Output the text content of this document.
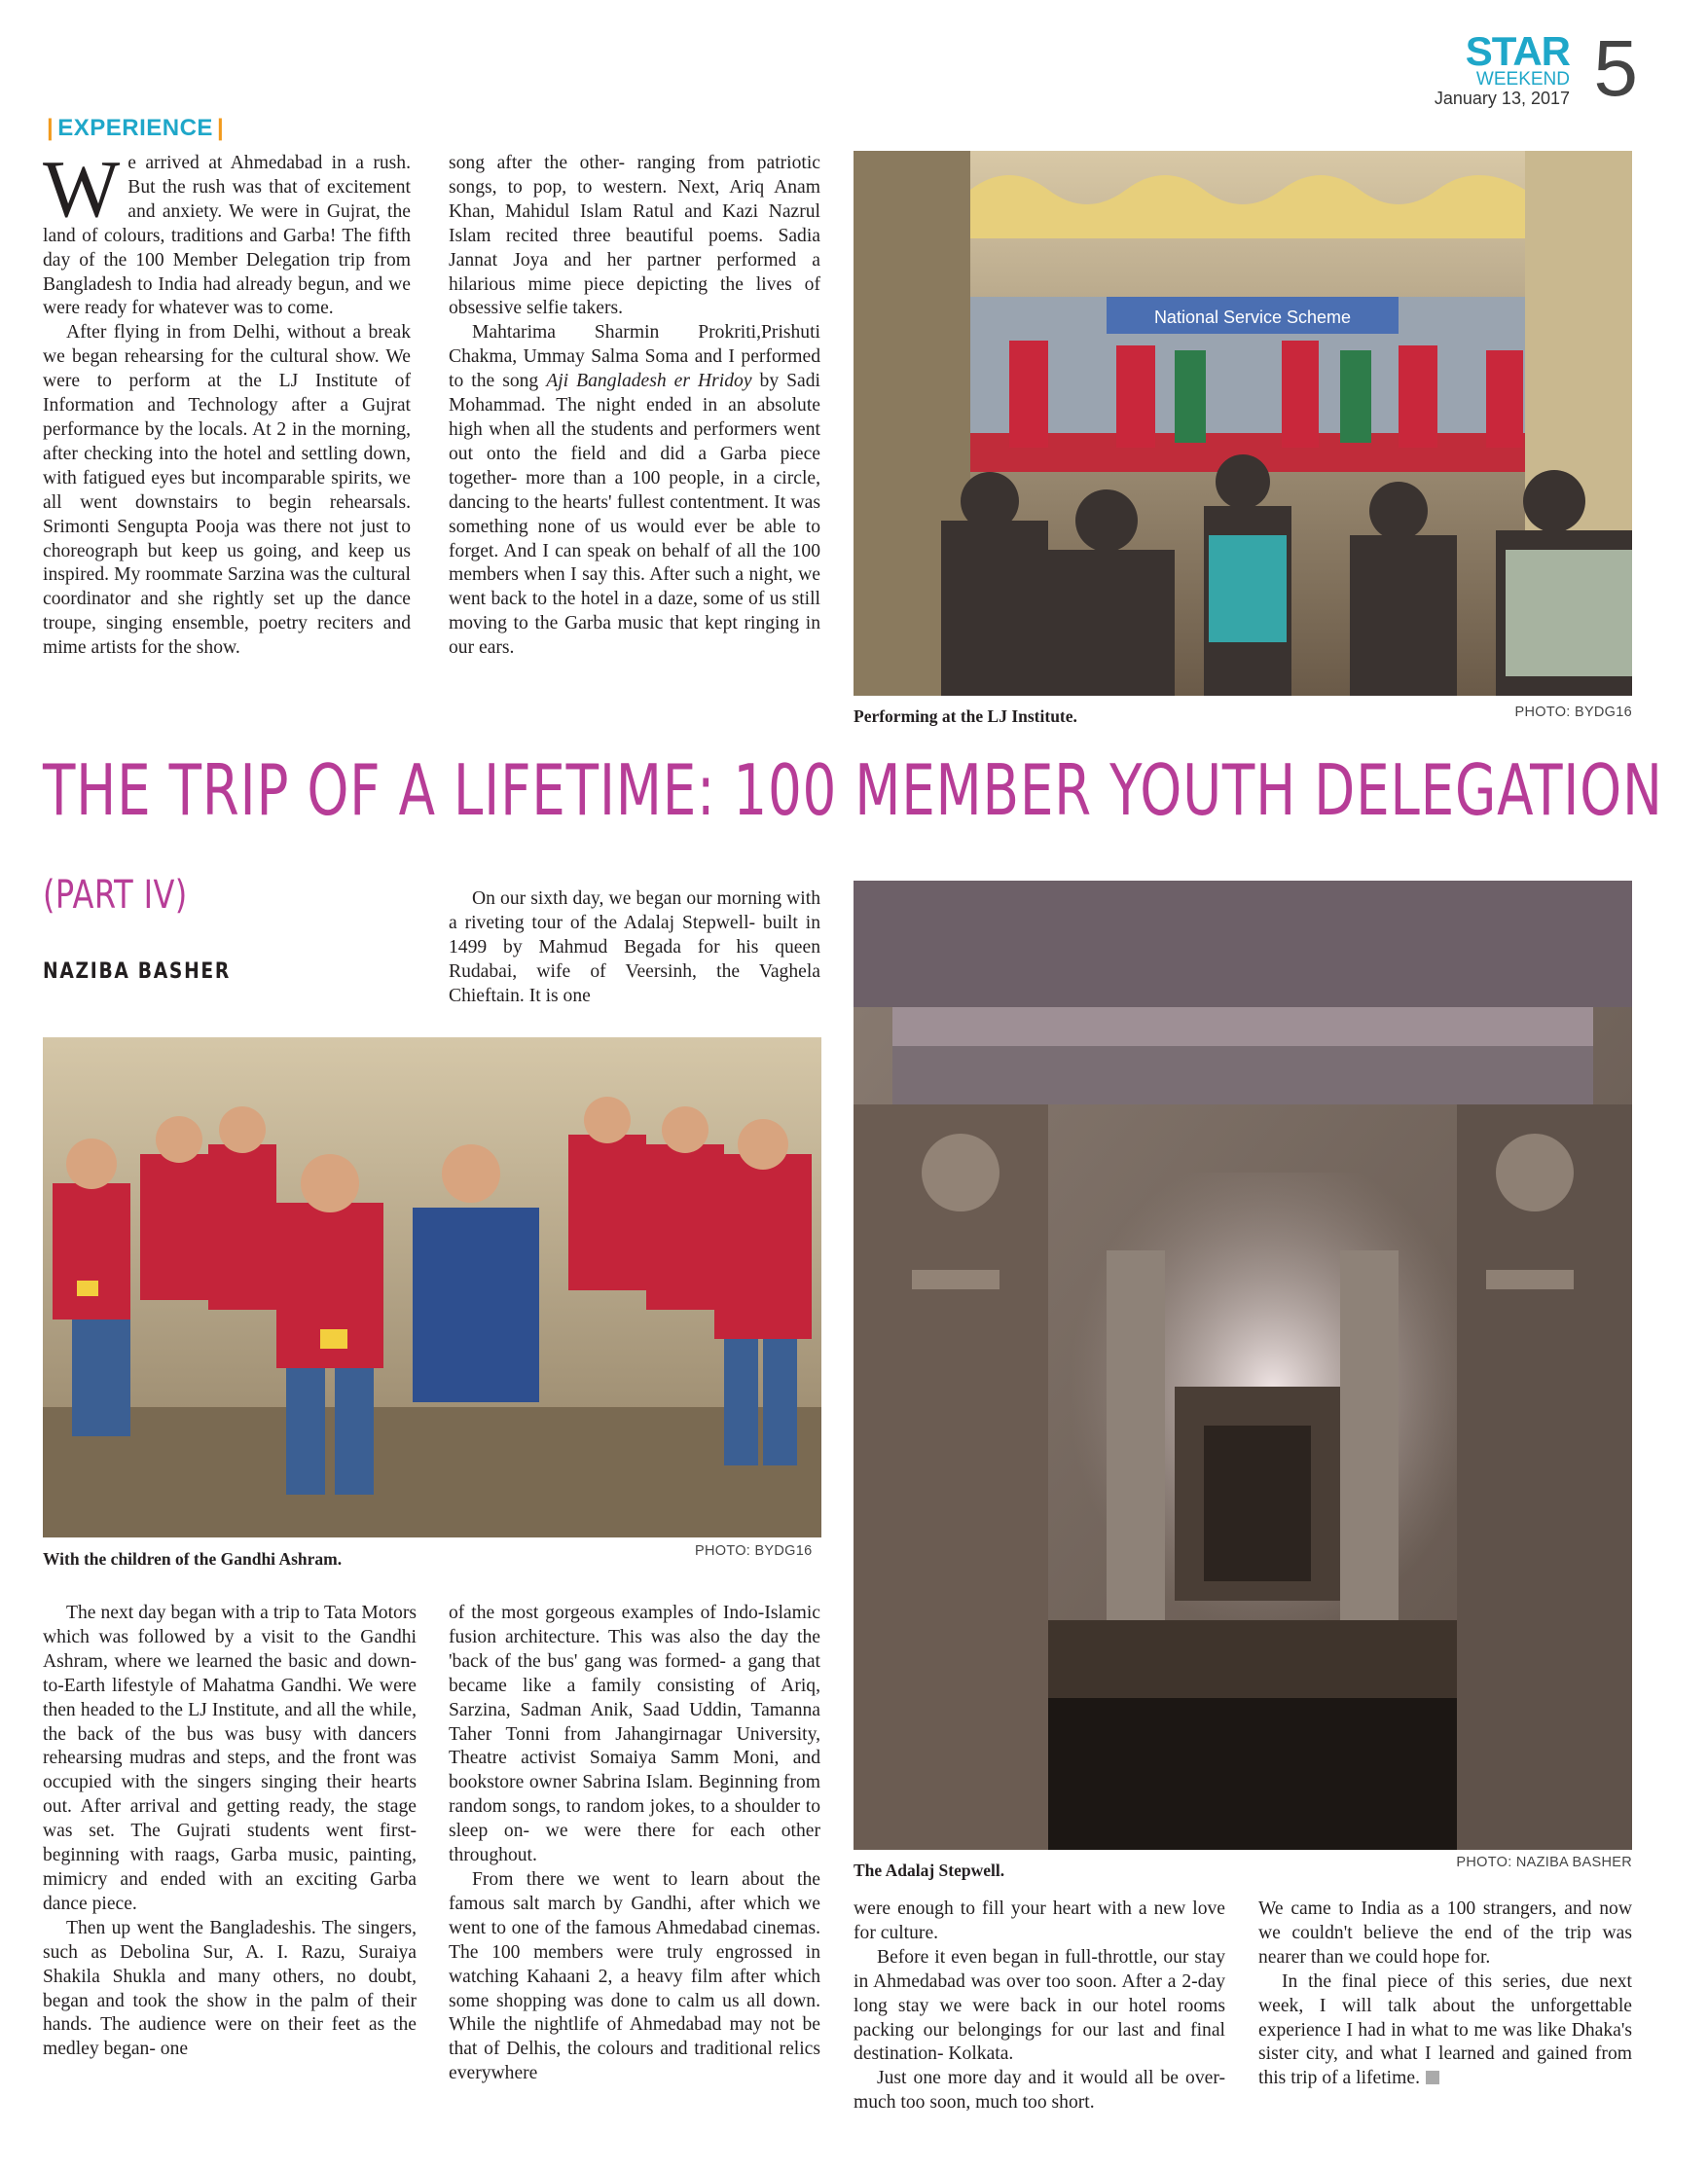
STAR
WEEKEND
January 13, 2017 5
| EXPERIENCE |

We arrived at Ahmedabad in a rush. But the rush was that of excitement and anxiety. We were in Gujrat, the land of colours, traditions and Garba! The fifth day of the 100 Member Delegation trip from Bangladesh to India had already begun, and we were ready for whatever was to come.

After flying in from Delhi, without a break we began rehearsing for the cultural show. We were to perform at the LJ Institute of Information and Technology after a Gujrat performance by the locals. At 2 in the morning, after checking into the hotel and settling down, with fatigued eyes but incomparable spirits, we all went downstairs to begin rehearsals. Srimonti Sengupta Pooja was there not just to choreograph but keep us going, and keep us inspired. My roommate Sarzina was the cultural coordinator and she rightly set up the dance troupe, singing ensemble, poetry reciters and mime artists for the show.

song after the other- ranging from patriotic songs, to pop, to western. Next, Ariq Anam Khan, Mahidul Islam Ratul and Kazi Nazrul Islam recited three beautiful poems. Sadia Jannat Joya and her partner performed a hilarious mime piece depicting the lives of obsessive selfie takers.

Mahtarima Sharmin Prokriti,Prishuti Chakma, Ummay Salma Soma and I performed to the song Aji Bangladesh er Hridoy by Sadi Mohammad. The night ended in an absolute high when all the students and performers went out onto the field and did a Garba piece together- more than a 100 people, in a circle, dancing to the hearts' fullest contentment. It was something none of us would ever be able to forget. And I can speak on behalf of all the 100 members when I say this. After such a night, we went back to the hotel in a daze, some of us still moving to the Garba music that kept ringing in our ears.

National Service Scheme
Performing at the LJ Institute.	PHOTO: BYDG16
THE TRIP OF A LIFETIME: 100 MEMBER YOUTH DELEGATION
(PART IV)
NAZIBA BASHER

On our sixth day, we began our morning with a riveting tour of the Adalaj Stepwell- built in 1499 by Mahmud Begada for his queen Rudabai, wife of Veersinh, the Vaghela Chieftain. It is one

With the children of the Gandhi Ashram.	PHOTO: BYDG16
The Adalaj Stepwell.	PHOTO: NAZIBA BASHER

The next day began with a trip to Tata Motors which was followed by a visit to the Gandhi Ashram, where we learned the basic and down-to-Earth lifestyle of Mahatma Gandhi. We were then headed to the LJ Institute, and all the while, the back of the bus was busy with dancers rehearsing mudras and steps, and the front was occupied with the singers singing their hearts out. After arrival and getting ready, the stage was set. The Gujrati students went first- beginning with raags, Garba music, painting, mimicry and ended with an exciting Garba dance piece.

Then up went the Bangladeshis. The singers, such as Debolina Sur, A. I. Razu, Suraiya Shakila Shukla and many others, no doubt, began and took the show in the palm of their hands. The audience were on their feet as the medley began- one

of the most gorgeous examples of Indo-Islamic fusion architecture. This was also the day the 'back of the bus' gang was formed- a gang that became like a family consisting of Ariq, Sarzina, Sadman Anik, Saad Uddin, Tamanna Taher Tonni from Jahangirnagar University, Theatre activist Somaiya Samm Moni, and bookstore owner Sabrina Islam. Beginning from random songs, to random jokes, to a shoulder to sleep on- we were there for each other throughout.

From there we went to learn about the famous salt march by Gandhi, after which we went to one of the famous Ahmedabad cinemas. The 100 members were truly engrossed in watching Kahaani 2, a heavy film after which some shopping was done to calm us all down. While the nightlife of Ahmedabad may not be that of Delhis, the colours and traditional relics everywhere

were enough to fill your heart with a new love for culture.

Before it even began in full-throttle, our stay in Ahmedabad was over too soon. After a 2-day long stay we were back in our hotel rooms packing our belongings for our last and final destination- Kolkata.

Just one more day and it would all be over- much too soon, much too short.

We came to India as a 100 strangers, and now we couldn't believe the end of the trip was nearer than we could hope for.

In the final piece of this series, due next week, I will talk about the unforgettable experience I had in what to me was like Dhaka's sister city, and what I learned and gained from this trip of a lifetime.
